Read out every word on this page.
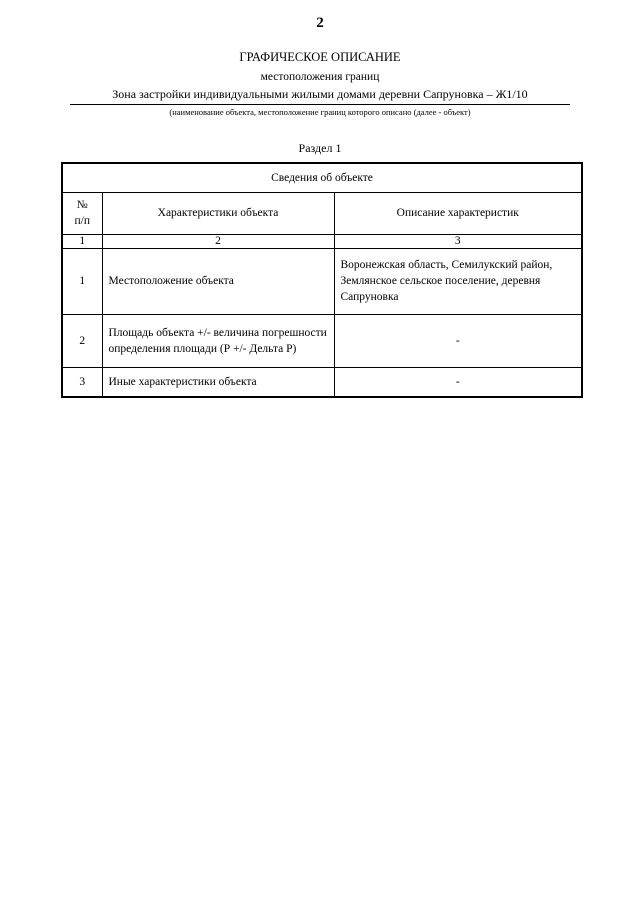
2
ГРАФИЧЕСКОЕ ОПИСАНИЕ
местоположения границ
Зона застройки индивидуальными жилыми домами деревни Сапруновка – Ж1/10
(наименование объекта, местоположение границ которого описано (далее - объект)
Раздел 1
Сведения об объекте		
№
п/п	Характеристики объекта	Описание характеристик
1	2	3
1	Местоположение объекта	Воронежская область, Семилукский район, Землянское сельское поселение, деревня Сапруновка
2	Площадь объекта +/- величина погрешности определения площади (Р +/- Дельта Р)	-
3	Иные характеристики объекта	-
